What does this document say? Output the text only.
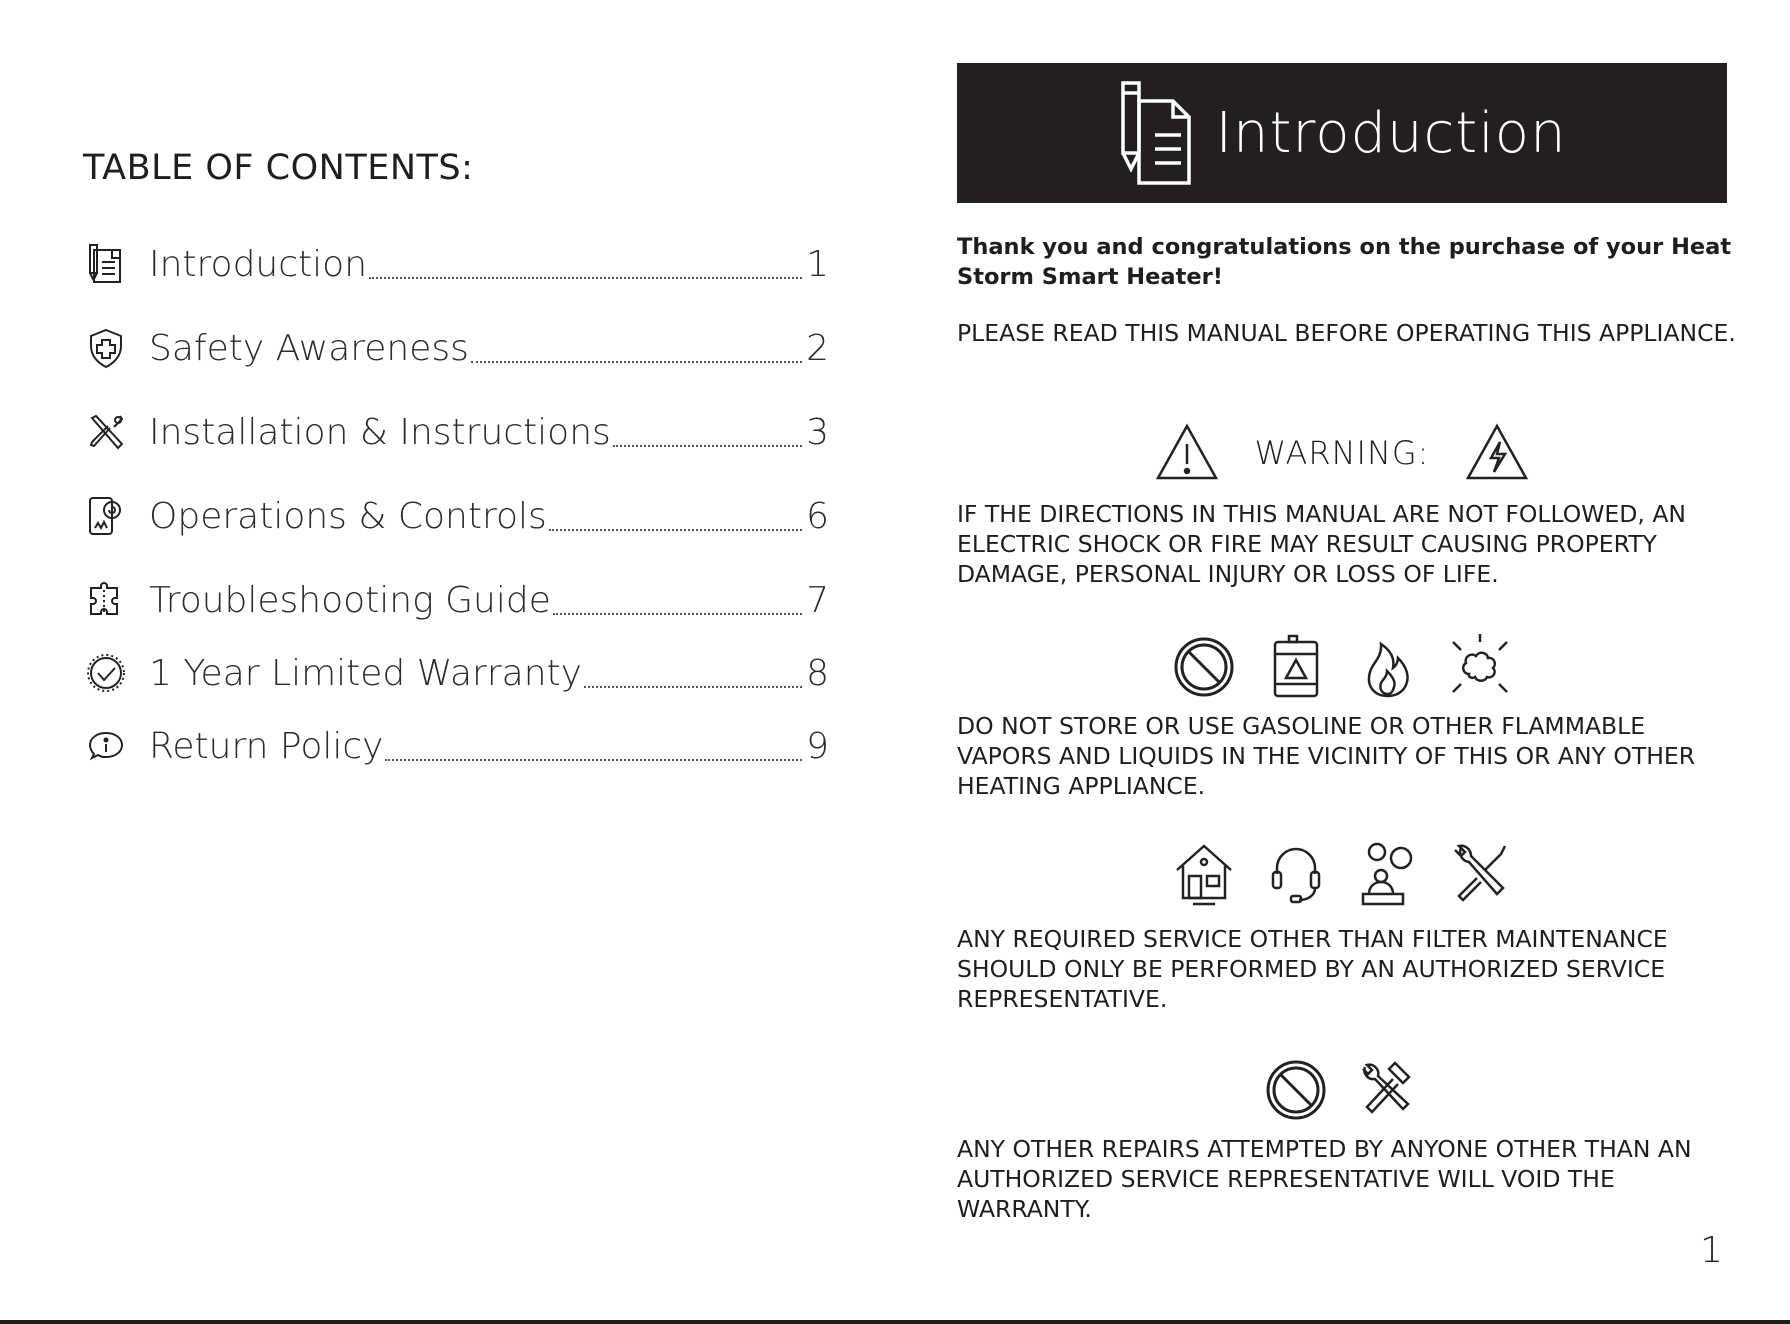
TABLE OF CONTENTS:
Introduction	1
Safety Awareness	2
Installation & Instructions	3
Operations & Controls	6
Troubleshooting Guide	7
1 Year Limited Warranty	8
Return Policy	9
Introduction

Thank you and congratulations on the purchase of your Heat Storm Smart Heater!

PLEASE READ THIS MANUAL BEFORE OPERATING THIS APPLIANCE.

WARNING:

IF THE DIRECTIONS IN THIS MANUAL ARE NOT FOLLOWED, AN ELECTRIC SHOCK OR FIRE MAY RESULT CAUSING PROPERTY DAMAGE, PERSONAL INJURY OR LOSS OF LIFE.

DO NOT STORE OR USE GASOLINE OR OTHER FLAMMABLE VAPORS AND LIQUIDS IN THE VICINITY OF THIS OR ANY OTHER HEATING APPLIANCE.

ANY REQUIRED SERVICE OTHER THAN FILTER MAINTENANCE SHOULD ONLY BE PERFORMED BY AN AUTHORIZED SERVICE REPRESENTATIVE.

ANY OTHER REPAIRS ATTEMPTED BY ANYONE OTHER THAN AN AUTHORIZED SERVICE REPRESENTATIVE WILL VOID THE WARRANTY.

1
